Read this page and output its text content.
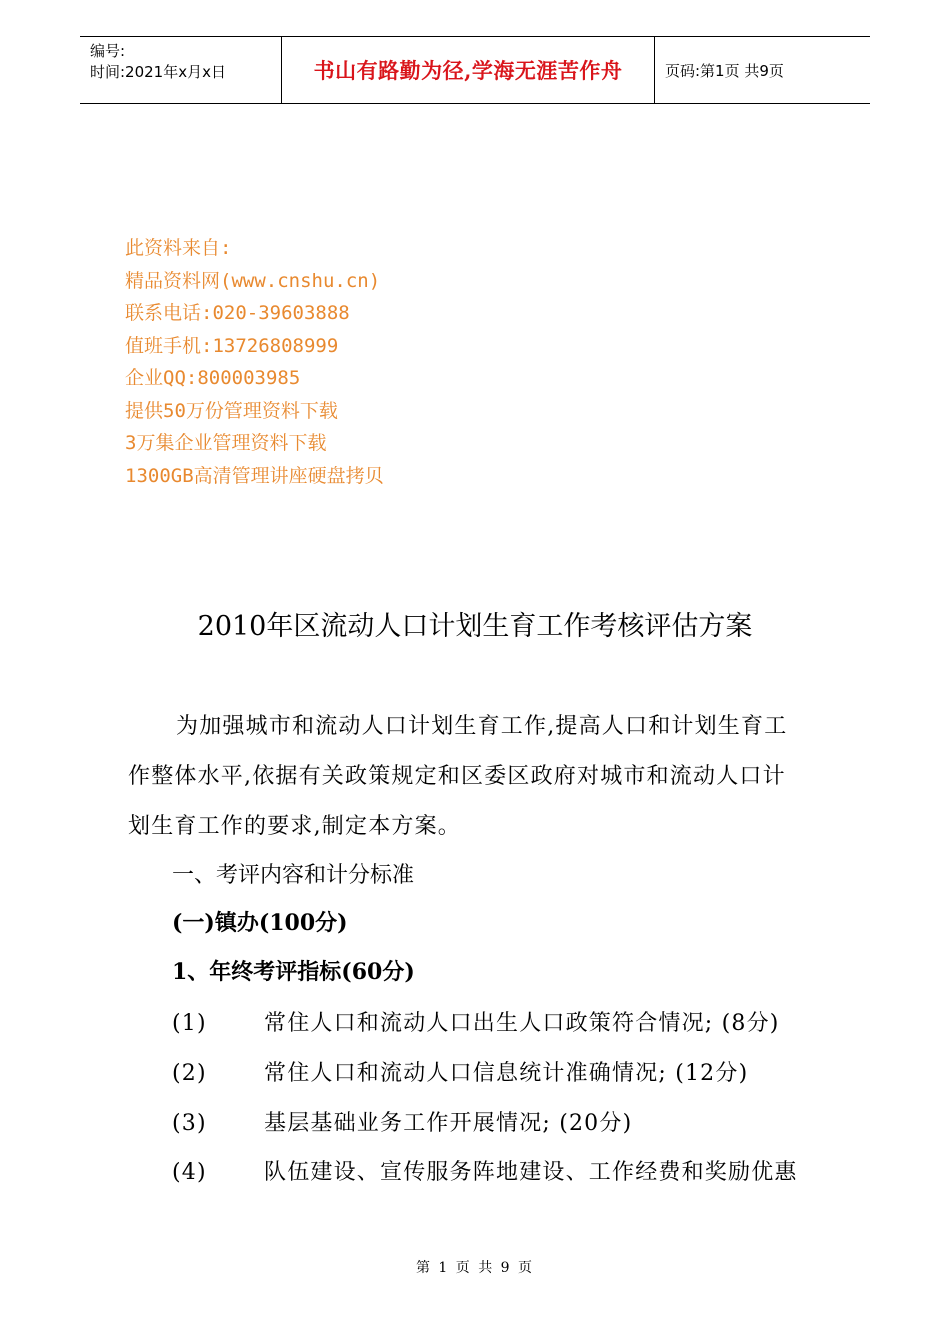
编号:
时间:2021年x月x日	书山有路勤为径,学海无涯苦作舟	页码:第1页 共9页
此资料来自:
精品资料网(www.cnshu.cn)
联系电话:020-39603888
值班手机:13726808999
企业QQ:800003985
提供50万份管理资料下载
3万集企业管理资料下载
1300GB高清管理讲座硬盘拷贝
2010年区流动人口计划生育工作考核评估方案
为加强城市和流动人口计划生育工作,提高人口和计划生育工
作整体水平,依据有关政策规定和区委区政府对城市和流动人口计
划生育工作的要求,制定本方案。
一、考评内容和计分标准
(一)镇办(100分)
1、年终考评指标(60分)
(1)	常住人口和流动人口出生人口政策符合情况; (8分)
(2)	常住人口和流动人口信息统计准确情况; (12分)
(3)	基层基础业务工作开展情况; (20分)
(4)	队伍建设、宣传服务阵地建设、工作经费和奖励优惠
第 1 页 共 9 页
